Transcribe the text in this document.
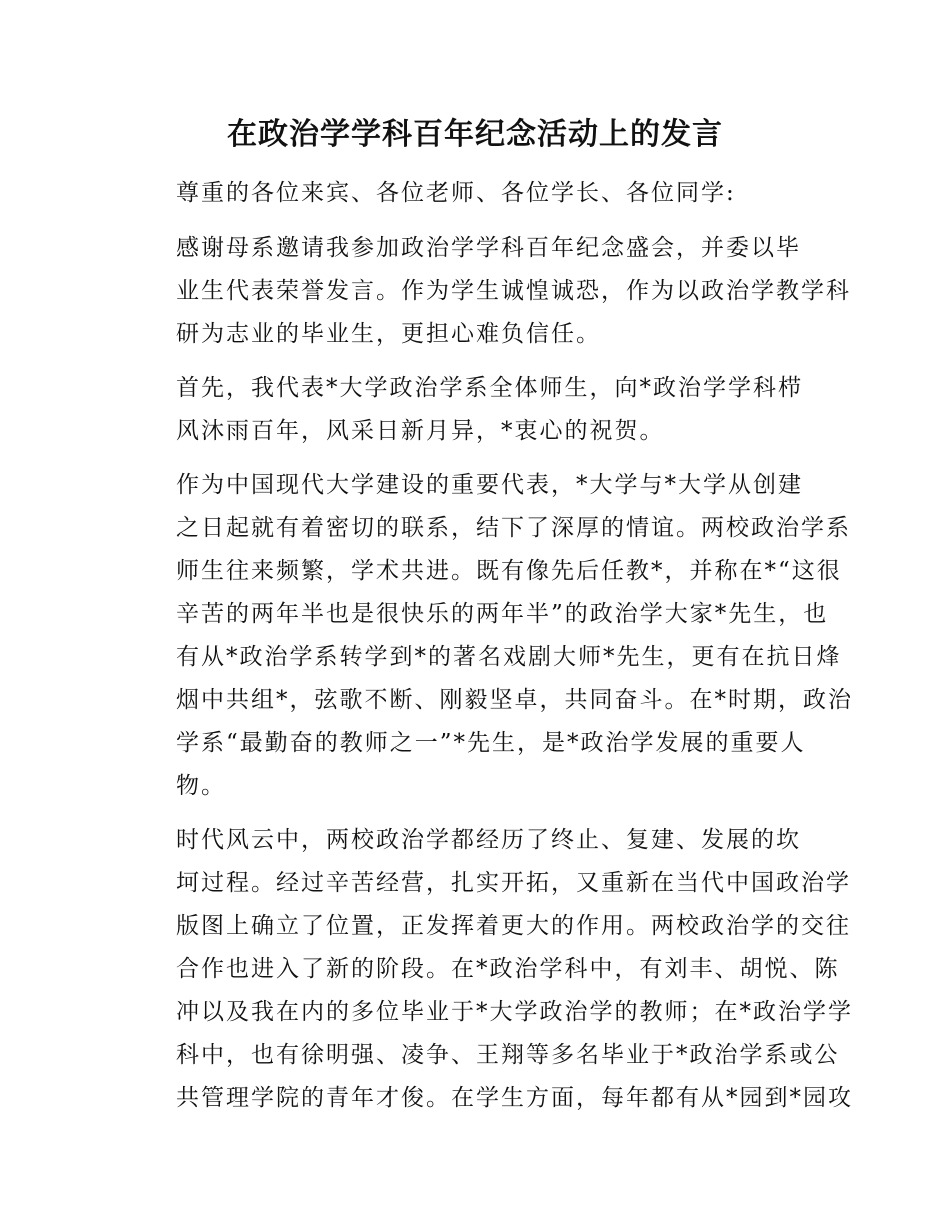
在政治学学科百年纪念活动上的发言
尊重的各位来宾、各位老师、各位学长、各位同学:
感谢母系邀请我参加政治学学科百年纪念盛会，并委以毕
业生代表荣誉发言。作为学生诚惶诚恐，作为以政治学教学科
研为志业的毕业生，更担心难负信任。
首先，我代表*大学政治学系全体师生，向*政治学学科栉
风沐雨百年，风采日新月异，*衷心的祝贺。
作为中国现代大学建设的重要代表，*大学与*大学从创建
之日起就有着密切的联系，结下了深厚的情谊。两校政治学系
师生往来频繁，学术共进。既有像先后任教*，并称在*“这很
辛苦的两年半也是很快乐的两年半”的政治学大家*先生，也
有从*政治学系转学到*的著名戏剧大师*先生，更有在抗日烽
烟中共组*，弦歌不断、刚毅坚卓，共同奋斗。在*时期，政治
学系“最勤奋的教师之一”*先生，是*政治学发展的重要人
物。
时代风云中，两校政治学都经历了终止、复建、发展的坎
坷过程。经过辛苦经营，扎实开拓，又重新在当代中国政治学
版图上确立了位置，正发挥着更大的作用。两校政治学的交往
合作也进入了新的阶段。在*政治学科中，有刘丰、胡悦、陈
冲以及我在内的多位毕业于*大学政治学的教师；在*政治学学
科中，也有徐明强、凌争、王翔等多名毕业于*政治学系或公
共管理学院的青年才俊。在学生方面，每年都有从*园到*园攻
